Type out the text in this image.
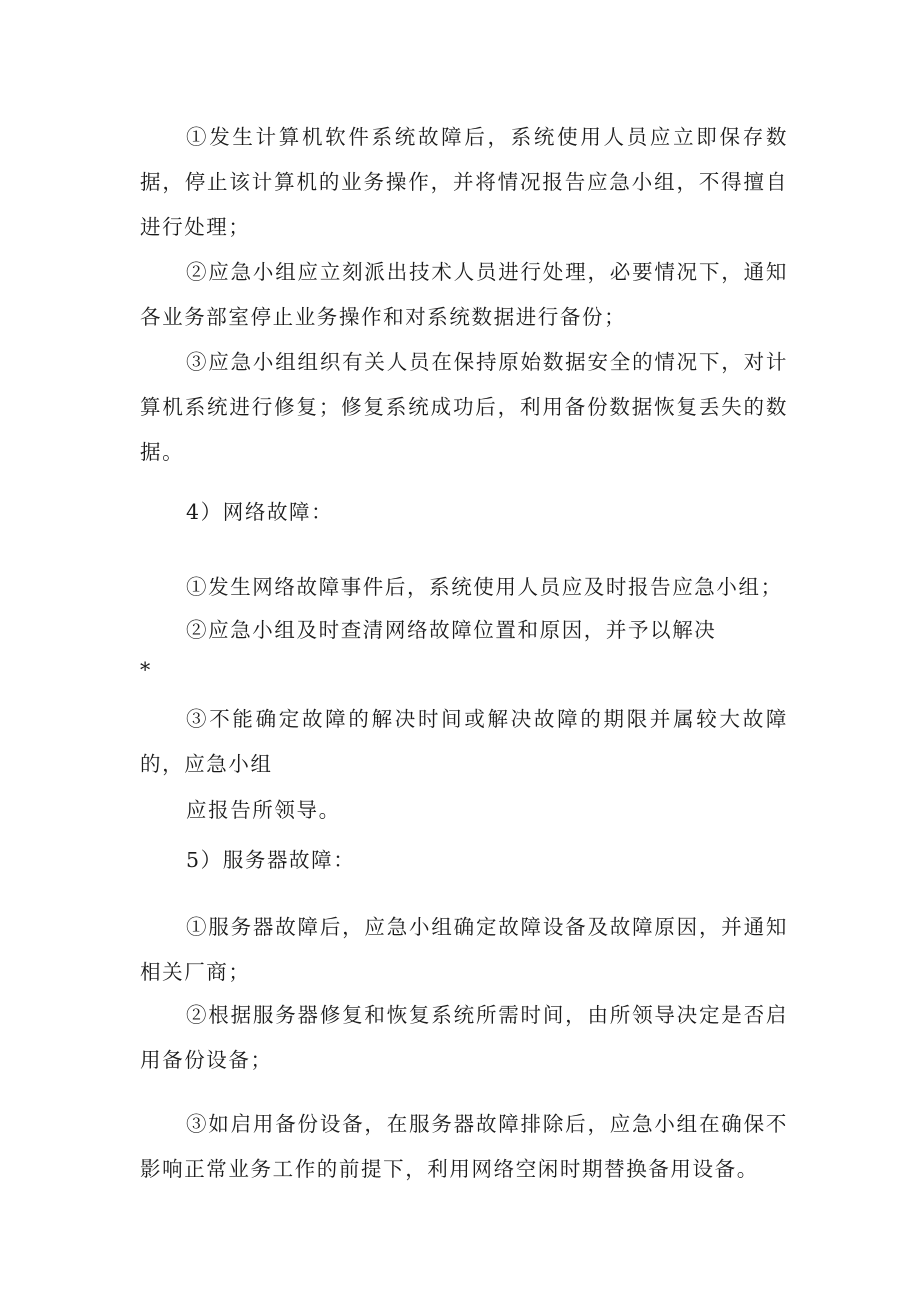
①发生计算机软件系统故障后，系统使用人员应立即保存数据，停止该计算机的业务操作，并将情况报告应急小组，不得擅自进行处理；

②应急小组应立刻派出技术人员进行处理，必要情况下，通知各业务部室停止业务操作和对系统数据进行备份；

③应急小组组织有关人员在保持原始数据安全的情况下，对计算机系统进行修复；修复系统成功后，利用备份数据恢复丢失的数据。

4）网络故障：

①发生网络故障事件后，系统使用人员应及时报告应急小组；

②应急小组及时查清网络故障位置和原因，并予以解决

*

③不能确定故障的解决时间或解决故障的期限并属较大故障的，应急小组

应报告所领导。

5）服务器故障：

①服务器故障后，应急小组确定故障设备及故障原因，并通知相关厂商；

②根据服务器修复和恢复系统所需时间，由所领导决定是否启用备份设备；

③如启用备份设备，在服务器故障排除后，应急小组在确保不影响正常业务工作的前提下，利用网络空闲时期替换备用设备。
